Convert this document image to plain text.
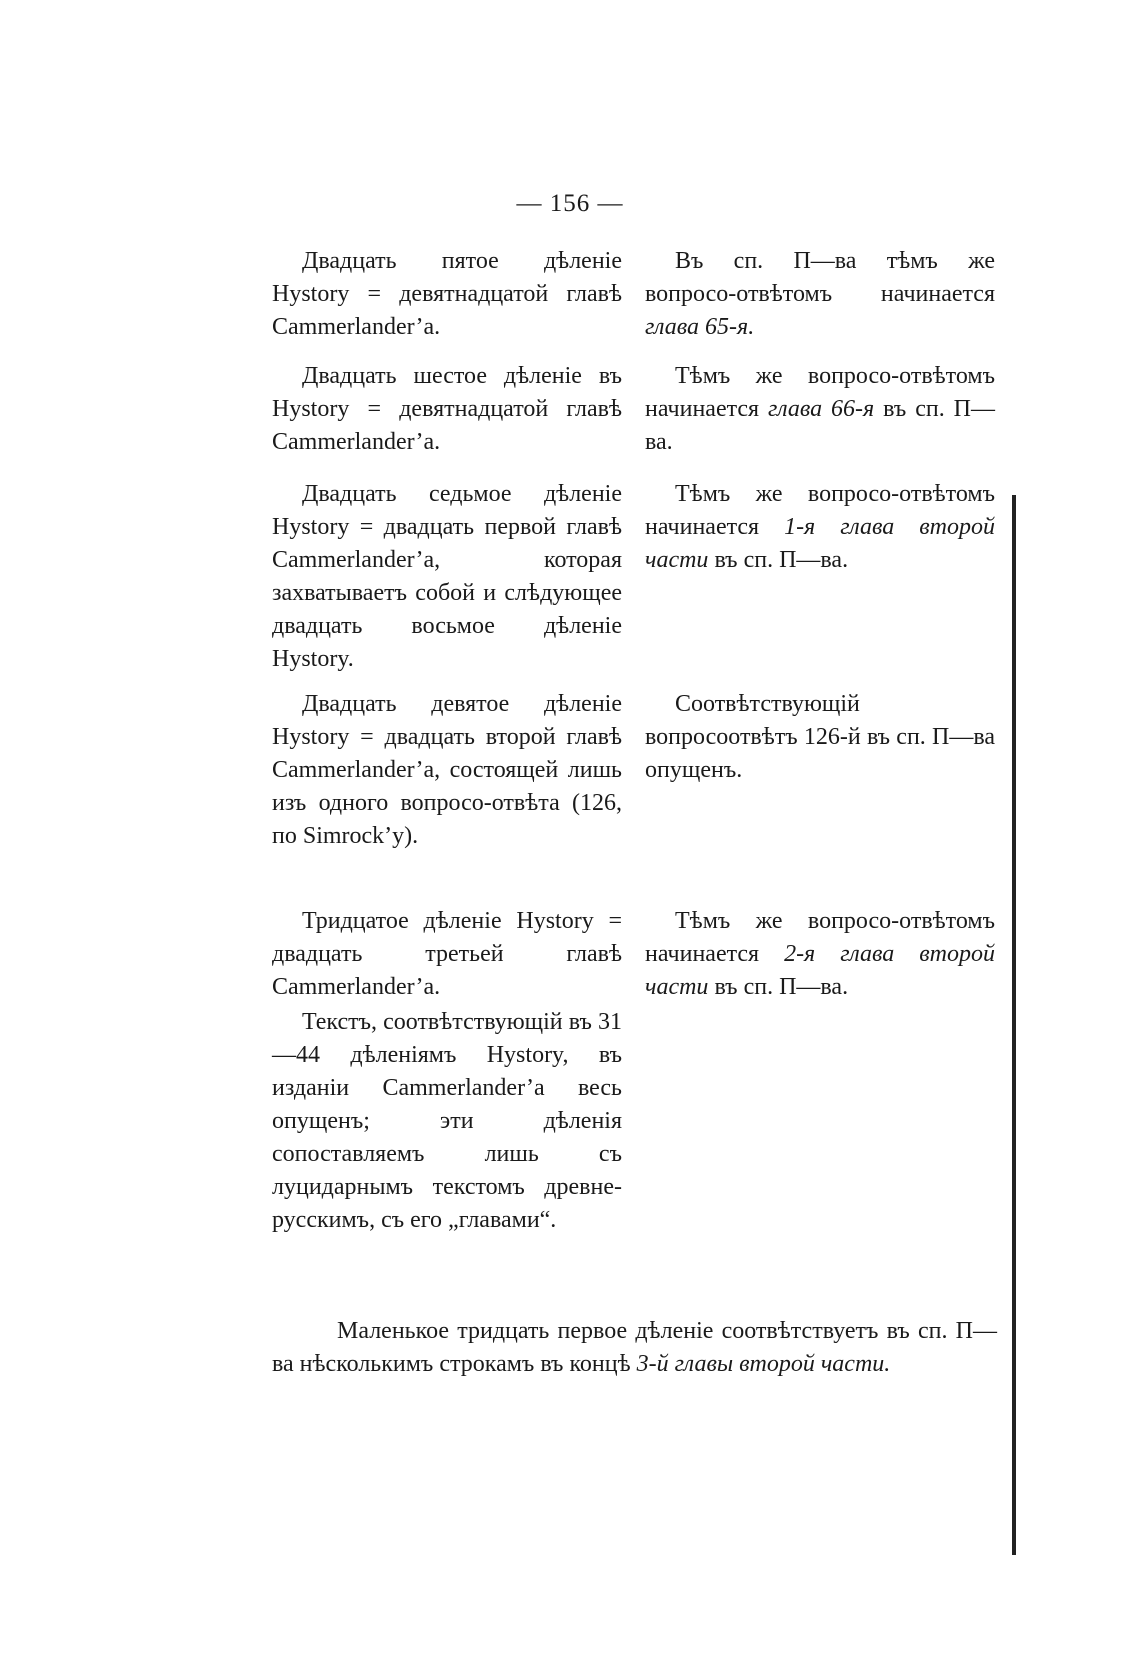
— 156 —

Двадцать пятое дѣленіе Hystory = девятнадцатой главѣ Cammerlander’a.

Въ сп. П—ва тѣмъ же вопросо-отвѣтомъ начинается глава 65-я.

Двадцать шестое дѣленіе въ Hystory = девятнадцатой главѣ Cammerlander’a.

Тѣмъ же вопросо-отвѣтомъ начинается глава 66-я въ сп. П—ва.

Двадцать седьмое дѣленіе Hystory = двадцать первой главѣ Cammerlander’a, которая захватываетъ собой и слѣдующее двадцать восьмое дѣленіе Hystory.

Тѣмъ же вопросо-отвѣтомъ начинается 1-я глава второй части въ сп. П—ва.

Двадцать девятое дѣленіе Hystory = двадцать второй главѣ Cammerlander’a, состоящей лишь изъ одного вопросо-отвѣта (126, по Simrock’y).

Соотвѣтствующій вопросоотвѣтъ 126-й въ сп. П—ва опущенъ.

Тридцатое дѣленіе Hystory = двадцать третьей главѣ Cammerlander’a.

Текстъ, соотвѣтствующій въ 31—44 дѣленіямъ Hystory, въ изданіи Cammerlander’a весь опущенъ; эти дѣленія сопоставляемъ лишь съ луцидарнымъ текстомъ древне-русскимъ, съ его „главами“.

Тѣмъ же вопросо-отвѣтомъ начинается 2-я глава второй части въ сп. П—ва.

Маленькое тридцать первое дѣленіе соотвѣтствуетъ въ сп. П—ва нѣсколькимъ строкамъ въ концѣ 3-й главы второй части.
